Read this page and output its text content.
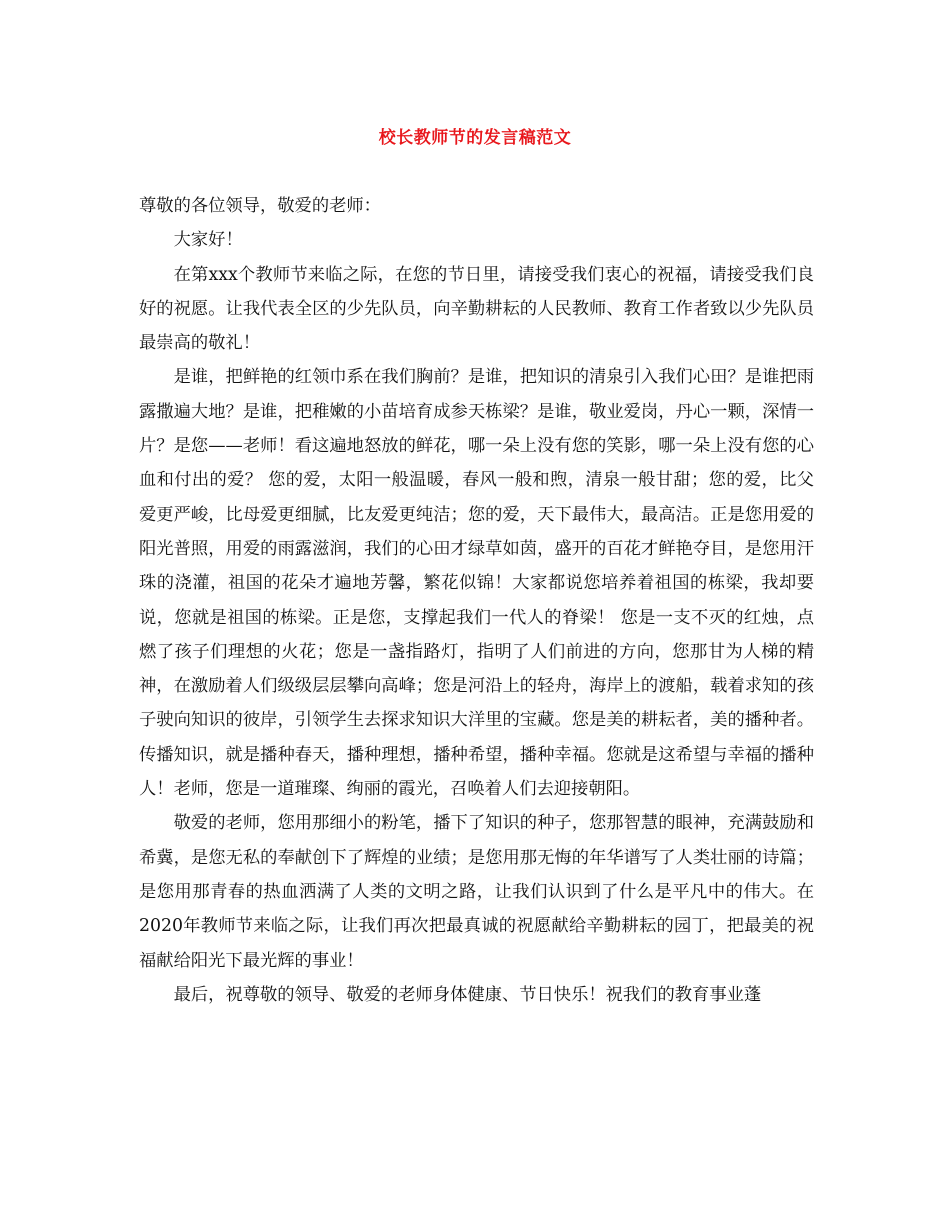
校长教师节的发言稿范文

尊敬的各位领导，敬爱的老师：

大家好！

在第xxx个教师节来临之际，在您的节日里，请接受我们衷心的祝福，请接受我们良好的祝愿。让我代表全区的少先队员，向辛勤耕耘的人民教师、教育工作者致以少先队员最崇高的敬礼！

是谁，把鲜艳的红领巾系在我们胸前？是谁，把知识的清泉引入我们心田？是谁把雨露撒遍大地？是谁，把稚嫩的小苗培育成参天栋梁？是谁，敬业爱岗，丹心一颗，深情一片？是您——老师！看这遍地怒放的鲜花，哪一朵上没有您的笑影，哪一朵上没有您的心血和付出的爱？ 您的爱，太阳一般温暖，春风一般和煦，清泉一般甘甜；您的爱，比父爱更严峻，比母爱更细腻，比友爱更纯洁；您的爱，天下最伟大，最高洁。正是您用爱的阳光普照，用爱的雨露滋润，我们的心田才绿草如茵，盛开的百花才鲜艳夺目，是您用汗珠的浇灌，祖国的花朵才遍地芳馨，繁花似锦！大家都说您培养着祖国的栋梁，我却要说，您就是祖国的栋梁。正是您，支撑起我们一代人的脊梁！ 您是一支不灭的红烛，点燃了孩子们理想的火花；您是一盏指路灯，指明了人们前进的方向，您那甘为人梯的精神，在激励着人们级级层层攀向高峰；您是河沿上的轻舟，海岸上的渡船，载着求知的孩子驶向知识的彼岸，引领学生去探求知识大洋里的宝藏。您是美的耕耘者，美的播种者。传播知识，就是播种春天，播种理想，播种希望，播种幸福。您就是这希望与幸福的播种人！老师，您是一道璀璨、绚丽的霞光，召唤着人们去迎接朝阳。

敬爱的老师，您用那细小的粉笔，播下了知识的种子，您那智慧的眼神，充满鼓励和希冀，是您无私的奉献创下了辉煌的业绩；是您用那无悔的年华谱写了人类壮丽的诗篇；是您用那青春的热血洒满了人类的文明之路，让我们认识到了什么是平凡中的伟大。在2020年教师节来临之际，让我们再次把最真诚的祝愿献给辛勤耕耘的园丁，把最美的祝福献给阳光下最光辉的事业！

最后，祝尊敬的领导、敬爱的老师身体健康、节日快乐！祝我们的教育事业蓬
